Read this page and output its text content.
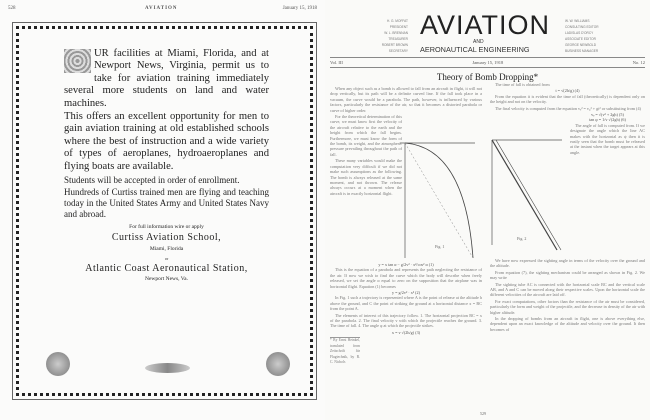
528	AVIATION	January 15, 1918

UR facilities at Miami, Florida, and at Newport News, Virginia, permit us to take for aviation training immediately several more students on land and water machines.

This offers an excellent opportunity for men to gain aviation training at old established schools where the best of instruction and a wide variety of types of aeroplanes, hydroaeroplanes and flying boats are available.

Students will be accepted in order of enrollment.

Hundreds of Curtiss trained men are flying and teaching today in the United States Army and United States Navy and abroad.

For full information wire or apply
Curtiss Aviation School,
Miami, Florida
or
Atlantic Coast Aeronautical Station,
Newport News, Va.
H. G. MOFFAT
PRESIDENT
W. L. BRENNAN
TREASURER
ROBERT BROWN
SECRETARY
AVIATION
AND
AERONAUTICAL ENGINEERING
W. W. WILLIAMS
CONSULTING EDITOR
LADISLAS D'ORCY
ASSOCIATE EDITOR
GEORGE NEWBOLD
BUSINESS MANAGER
Vol. III	January 15, 1918	No. 12
Theory of Bomb Dropping*

When any object such as a bomb is allowed to fall from an aircraft in flight, it will not drop vertically, but its path will be a definite curved line. If the fall took place in a vacuum, the curve would be a parabola. The path, however, is influenced by various factors, particularly the resistance of the air, so that it becomes a distorted parabola or curve of higher order.

For the theoretical determination of this curve, we must know first the velocity of the aircraft relative to the earth and the height from which the fall begins. Furthermore, we must know the form of the bomb, its weight, and the atmospheric pressure prevailing throughout the path of fall.

These many variables would make the computation very difficult if we did not make such assumptions as the following. The bomb is always released at the same moment, and not thrown. The release always occurs at a moment when the aircraft is in exactly horizontal flight.

Fig. 1
y = x tan α − g/2v² · x²/cos² α (1)

This is the equation of a parabola and represents the path neglecting the resistance of the air. If now we wish to find the curve which the body will describe when freely released, we set the angle α equal to zero on the supposition that the airplane was in horizontal flight. Equation (1) becomes

y = g/2v² · x² (2)

In Fig. 1 such a trajectory is represented where A is the point of release at the altitude h above the ground, and C the point of striking the ground at a horizontal distance x = BC from the point A.

The elements of interest of this trajectory follow. 1. The horizontal projection BC = x of the parabola. 2. The final velocity v with which the projectile reaches the ground. 3. The time of fall. 4. The angle φ at which the projectile strikes.

x = v √(2h/g) (3)
* By Ernst Heinkel, translated from Zeitschrift für Flugtechnik, by R. C. Nichols

The time of fall is obtained from

t = √(2h/g) (4)

From the equation it is evident that the time of fall (theoretically) is dependent only on the height and not on the velocity.

The final velocity is computed from the equation vₑ² = v₀² + gt² or substituting from (4)

vₑ = √(v² + 2gh) (5)
tan φ = 1/v √(2gh) (6)

The angle of fall is computed from. If we designate the angle which the line AC makes with the horizontal as ψ then it is easily seen that the bomb must be released at the instant when the target appears at this angle.

Fig. 2

We have now expressed the sighting angle in terms of the velocity over the ground and the altitude.

From equation (7), the sighting mechanism could be arranged as shown in Fig. 2. We may write

The sighting tube AC is connected with the horizontal scale BC and the vertical scale AB, and A and C can be moved along their respective scales. Upon the horizontal scale the different velocities of the aircraft are laid off.

For exact computations, other factors than the resistance of the air must be considered, particularly the form and weight of the projectile, and the decrease in density of the air with higher altitude.

In the dropping of bombs from an aircraft in flight, one is above everything else, dependent upon an exact knowledge of the altitude and velocity over the ground. It then becomes of

529
